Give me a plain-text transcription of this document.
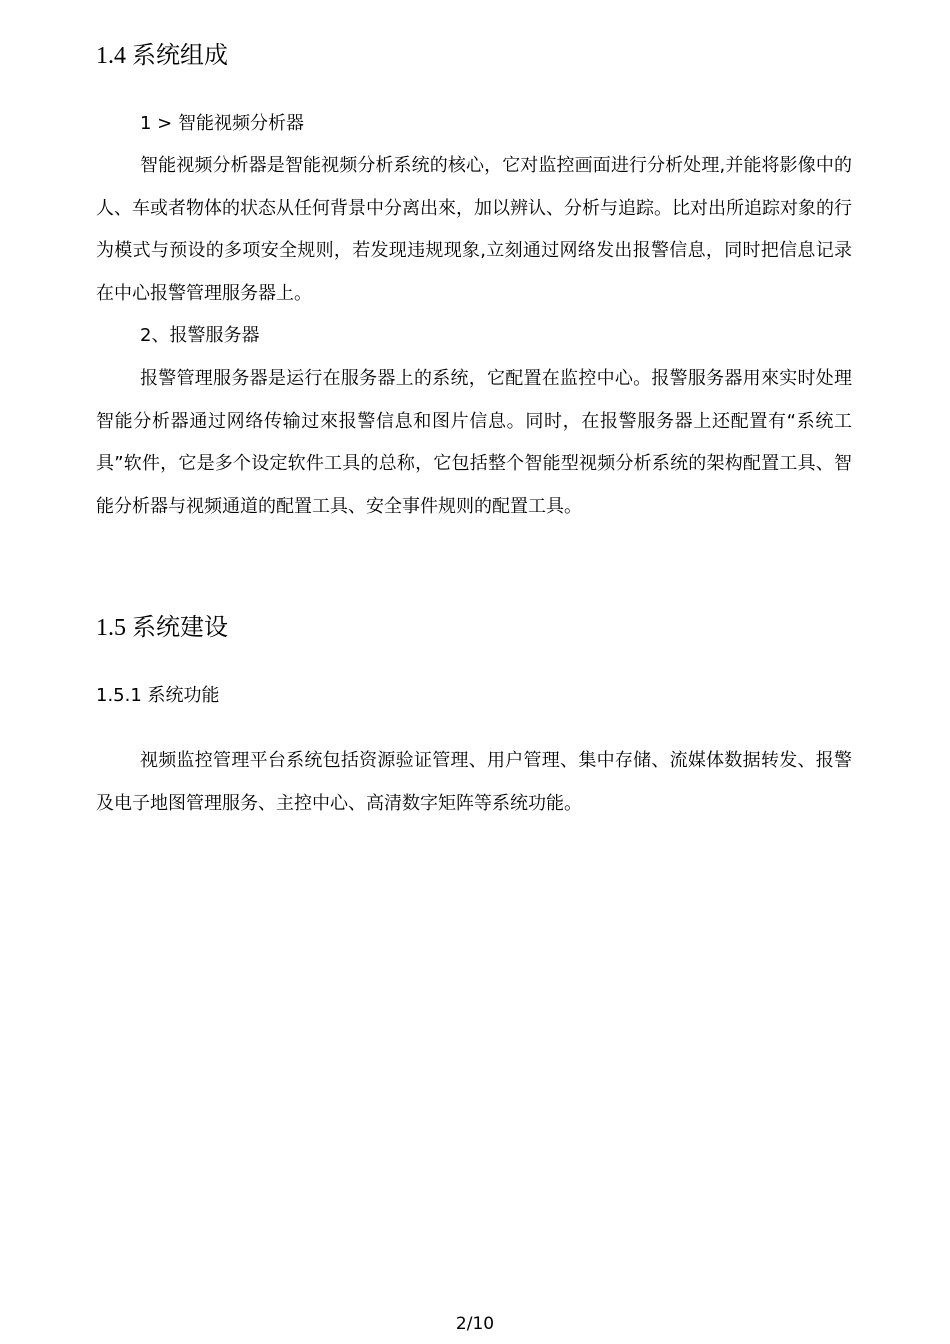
1.4 系统组成

1 > 智能视频分析器

智能视频分析器是智能视频分析系统的核心，它对监控画面进行分析处理,并能将影像中的人、车或者物体的状态从任何背景中分离出來，加以辨认、分析与追踪。比对出所追踪对象的行为模式与预设的多项安全规则，若发现违规现象,立刻通过网络发出报警信息，同时把信息记录在中心报警管理服务器上。

2、报警服务器

报警管理服务器是运行在服务器上的系统，它配置在监控中心。报警服务器用來实时处理智能分析器通过网络传输过來报警信息和图片信息。同时，在报警服务器上还配置有“系统工具”软件，它是多个设定软件工具的总称，它包括整个智能型视频分析系统的架构配置工具、智能分析器与视频通道的配置工具、安全事件规则的配置工具。

1.5 系统建设

1.5.1 系统功能

视频监控管理平台系统包括资源验证管理、用户管理、集中存储、流媒体数据转发、报警及电子地图管理服务、主控中心、高清数字矩阵等系统功能。

2/10
